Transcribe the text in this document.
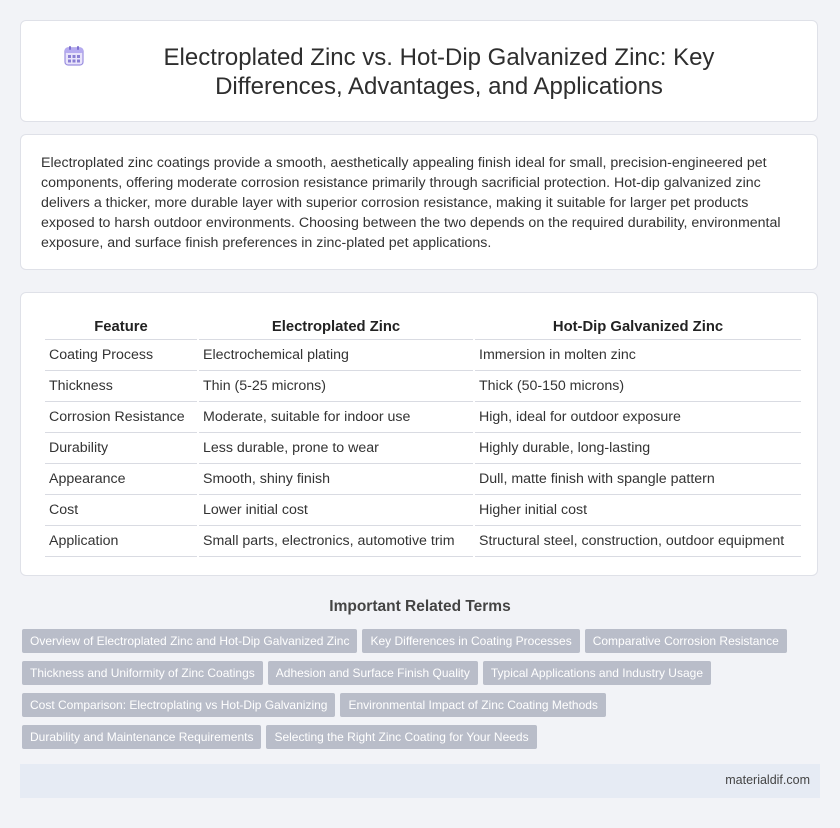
Electroplated Zinc vs. Hot-Dip Galvanized Zinc: Key Differences, Advantages, and Applications

Electroplated zinc coatings provide a smooth, aesthetically appealing finish ideal for small, precision-engineered pet components, offering moderate corrosion resistance primarily through sacrificial protection. Hot-dip galvanized zinc delivers a thicker, more durable layer with superior corrosion resistance, making it suitable for larger pet products exposed to harsh outdoor environments. Choosing between the two depends on the required durability, environmental exposure, and surface finish preferences in zinc-plated pet applications.

Feature	Electroplated Zinc	Hot-Dip Galvanized Zinc
Coating Process	Electrochemical plating	Immersion in molten zinc
Thickness	Thin (5-25 microns)	Thick (50-150 microns)
Corrosion Resistance	Moderate, suitable for indoor use	High, ideal for outdoor exposure
Durability	Less durable, prone to wear	Highly durable, long-lasting
Appearance	Smooth, shiny finish	Dull, matte finish with spangle pattern
Cost	Lower initial cost	Higher initial cost
Application	Small parts, electronics, automotive trim	Structural steel, construction, outdoor equipment
Important Related Terms
Overview of Electroplated Zinc and Hot-Dip Galvanized Zinc Key Differences in Coating Processes Comparative Corrosion Resistance
Thickness and Uniformity of Zinc Coatings Adhesion and Surface Finish Quality Typical Applications and Industry Usage
Cost Comparison: Electroplating vs Hot-Dip Galvanizing Environmental Impact of Zinc Coating Methods
Durability and Maintenance Requirements Selecting the Right Zinc Coating for Your Needs
materialdif.com
